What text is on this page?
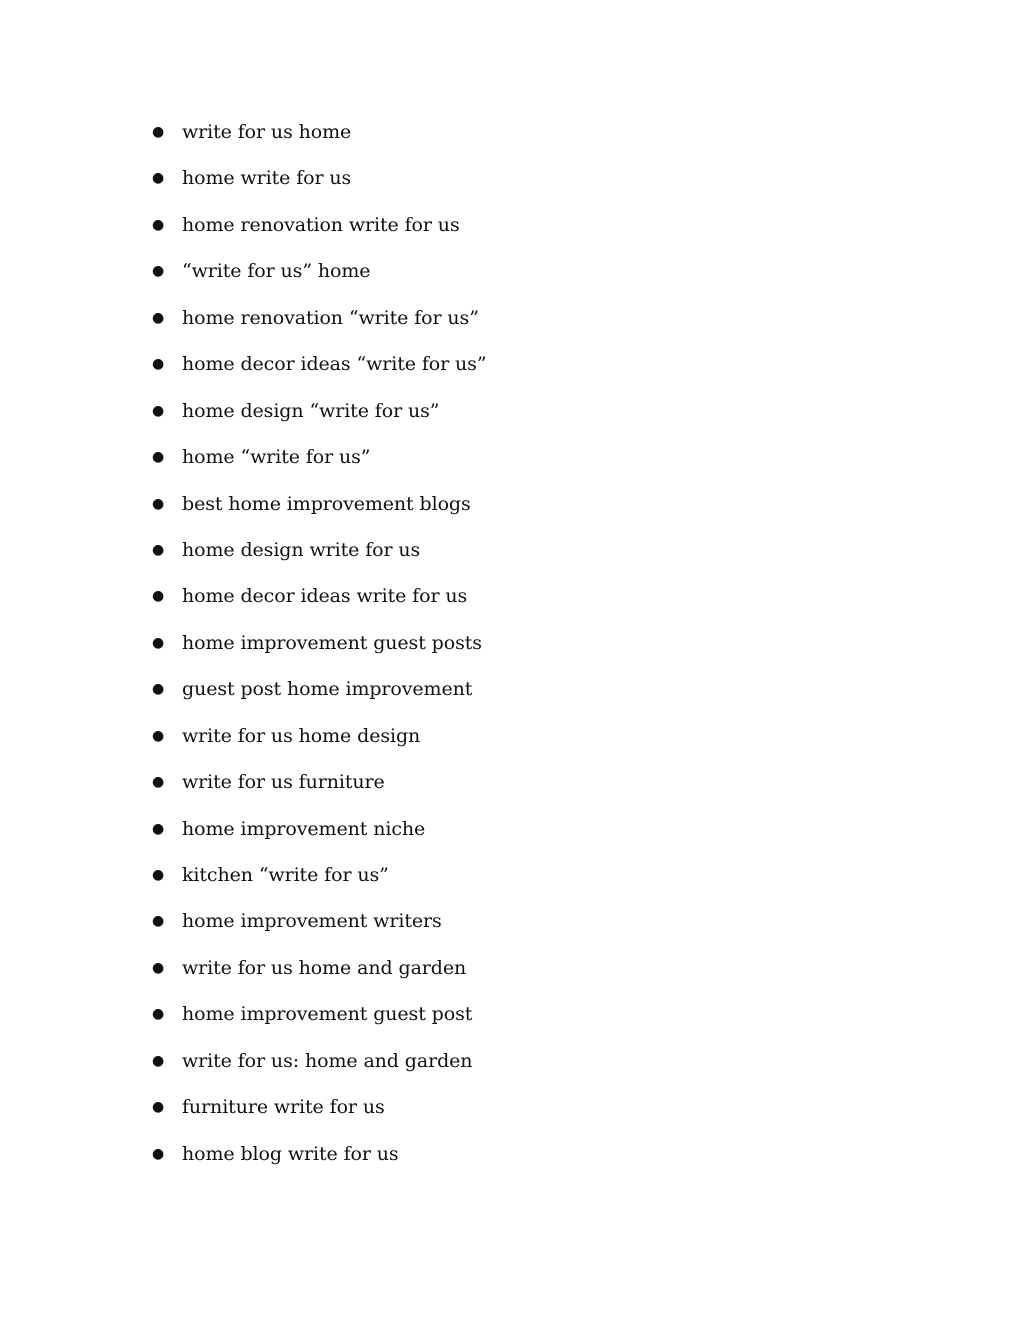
● write for us home
● home write for us
● home renovation write for us
● “write for us” home
● home renovation “write for us”
● home decor ideas “write for us”
● home design “write for us”
● home “write for us”
● best home improvement blogs
● home design write for us
● home decor ideas write for us
● home improvement guest posts
● guest post home improvement
● write for us home design
● write for us furniture
● home improvement niche
● kitchen “write for us”
● home improvement writers
● write for us home and garden
● home improvement guest post
● write for us: home and garden
● furniture write for us
● home blog write for us
